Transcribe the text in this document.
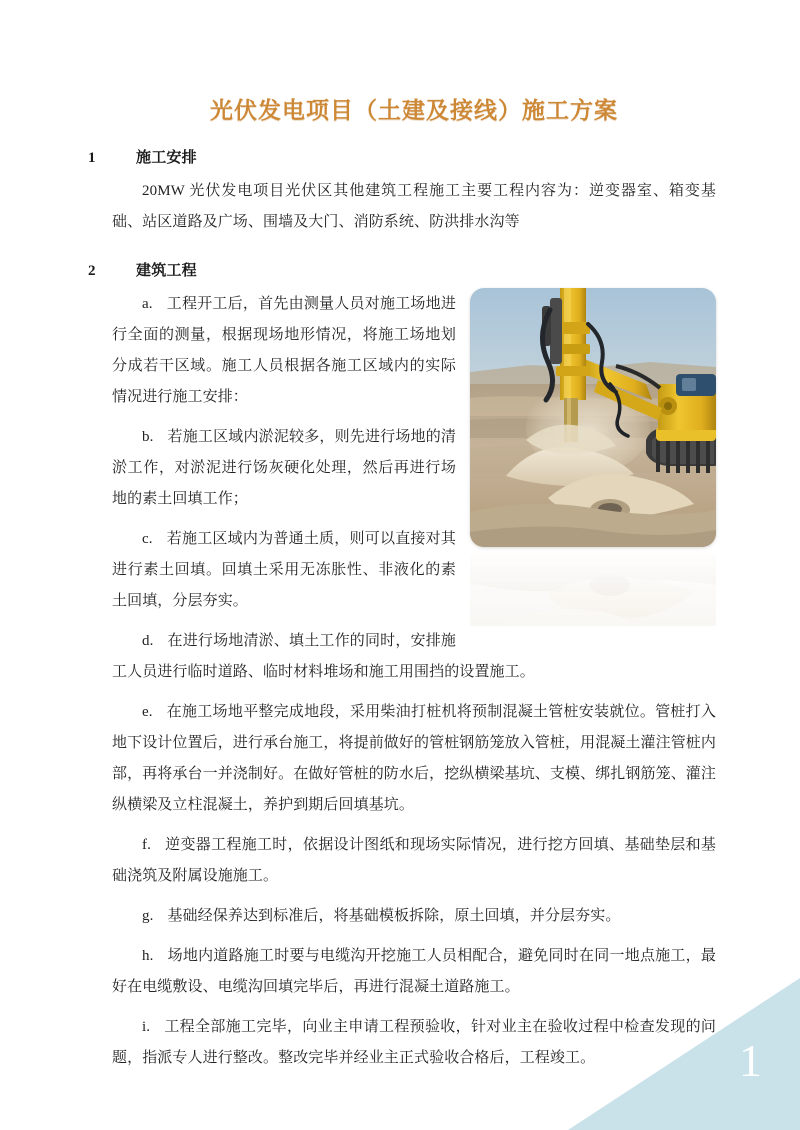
光伏发电项目（土建及接线）施工方案
1	施工安排

20MW 光伏发电项目光伏区其他建筑工程施工主要工程内容为：逆变器室、箱变基础、站区道路及广场、围墙及大门、消防系统、防洪排水沟等

2	建筑工程

a. 工程开工后，首先由测量人员对施工场地进行全面的测量，根据现场地形情况，将施工场地划分成若干区域。施工人员根据各施工区域内的实际情况进行施工安排：

b. 若施工区域内淤泥较多，则先进行场地的清淤工作，对淤泥进行饧灰硬化处理，然后再进行场地的素土回填工作；

c. 若施工区域内为普通土质，则可以直接对其进行素土回填。回填土采用无冻胀性、非液化的素土回填，分层夯实。

d. 在进行场地清淤、填土工作的同时，安排施工人员进行临时道路、临时材料堆场和施工用围挡的设置施工。

e. 在施工场地平整完成地段，采用柴油打桩机将预制混凝土管桩安装就位。管桩打入地下设计位置后，进行承台施工，将提前做好的管桩钢筋笼放入管桩，用混凝土灌注管桩内部，再将承台一并浇制好。在做好管桩的防水后，挖纵横梁基坑、支模、绑扎钢筋笼、灌注纵横梁及立柱混凝土，养护到期后回填基坑。

f. 逆变器工程施工时，依据设计图纸和现场实际情况，进行挖方回填、基础垫层和基础浇筑及附属设施施工。

g. 基础经保养达到标准后，将基础模板拆除，原土回填，并分层夯实。

h. 场地内道路施工时要与电缆沟开挖施工人员相配合，避免同时在同一地点施工，最好在电缆敷设、电缆沟回填完毕后，再进行混凝土道路施工。

i. 工程全部施工完毕，向业主申请工程预验收，针对业主在验收过程中检查发现的问题，指派专人进行整改。整改完毕并经业主正式验收合格后，工程竣工。	1
